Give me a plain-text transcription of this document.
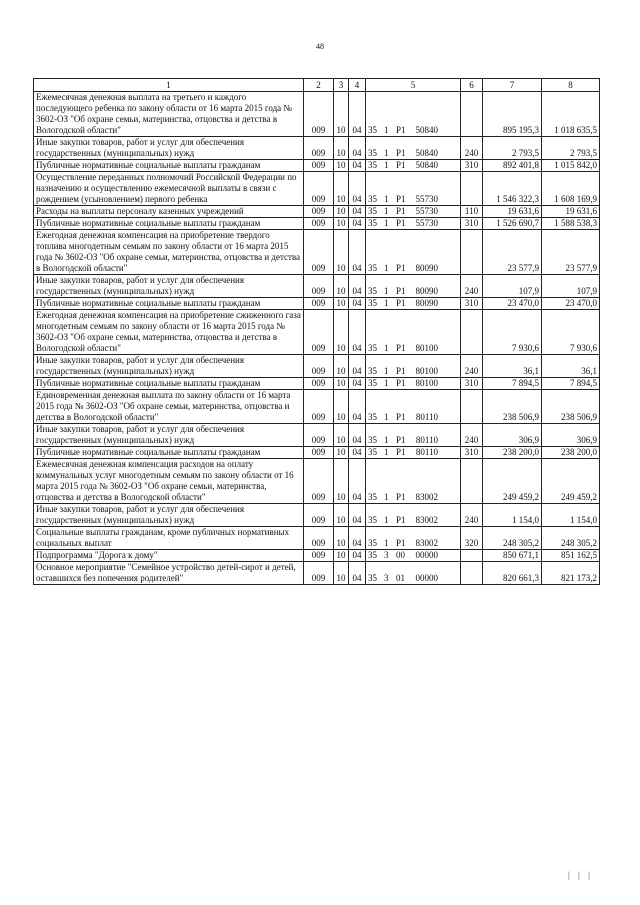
48
1	2	3	4	5	6	7	8
Ежемесячная денежная выплата на третьего и каждого последующего ребенка по закону области от 16 марта 2015 года № 3602-ОЗ "Об охране семьи, материнства, отцовства и детства в Вологодской области"	009	10	04	35 1 Р1 50840		895 195,3	1 018 635,5
Иные закупки товаров, работ и услуг для обеспечения государственных (муниципальных) нужд	009	10	04	35 1 Р1 50840	240	2 793,5	2 793,5
Публичные нормативные социальные выплаты гражданам	009	10	04	35 1 Р1 50840	310	892 401,8	1 015 842,0
Осуществление переданных полномочий Российской Федерации по назначению и осуществлению ежемесячной выплаты в связи с рождением (усыновлением) первого ребенка	009	10	04	35 1 Р1 55730		1 546 322,3	1 608 169,9
Расходы на выплаты персоналу казенных учреждений	009	10	04	35 1 Р1 55730	110	19 631,6	19 631,6
Публичные нормативные социальные выплаты гражданам	009	10	04	35 1 Р1 55730	310	1 526 690,7	1 588 538,3
Ежегодная денежная компенсация на приобретение твердого топлива многодетным семьям по закону области от 16 марта 2015 года № 3602-ОЗ "Об охране семьи, материнства, отцовства и детства в Вологодской области"	009	10	04	35 1 Р1 80090		23 577,9	23 577,9
Иные закупки товаров, работ и услуг для обеспечения государственных (муниципальных) нужд	009	10	04	35 1 Р1 80090	240	107,9	107,9
Публичные нормативные социальные выплаты гражданам	009	10	04	35 1 Р1 80090	310	23 470,0	23 470,0
Ежегодная денежная компенсация на приобретение сжиженного газа многодетным семьям по закону области от 16 марта 2015 года № 3602-ОЗ "Об охране семьи, материнства, отцовства и детства в Вологодской области"	009	10	04	35 1 Р1 80100		7 930,6	7 930,6
Иные закупки товаров, работ и услуг для обеспечения государственных (муниципальных) нужд	009	10	04	35 1 Р1 80100	240	36,1	36,1
Публичные нормативные социальные выплаты гражданам	009	10	04	35 1 Р1 80100	310	7 894,5	7 894,5
Единовременная денежная выплата по закону области от 16 марта 2015 года № 3602-ОЗ "Об охране семьи, материнства, отцовства и детства в Вологодской области"	009	10	04	35 1 Р1 80110		238 506,9	238 506,9
Иные закупки товаров, работ и услуг для обеспечения государственных (муниципальных) нужд	009	10	04	35 1 Р1 80110	240	306,9	306,9
Публичные нормативные социальные выплаты гражданам	009	10	04	35 1 Р1 80110	310	238 200,0	238 200,0
Ежемесячная денежная компенсация расходов на оплату коммунальных услуг многодетным семьям по закону области от 16 марта 2015 года № 3602-ОЗ "Об охране семьи, материнства, отцовства и детства в Вологодской области"	009	10	04	35 1 Р1 83002		249 459,2	249 459,2
Иные закупки товаров, работ и услуг для обеспечения государственных (муниципальных) нужд	009	10	04	35 1 Р1 83002	240	1 154,0	1 154,0
Социальные выплаты гражданам, кроме публичных нормативных социальных выплат	009	10	04	35 1 Р1 83002	320	248 305,2	248 305,2
Подпрограмма "Дорога к дому"	009	10	04	35 3 00 00000		850 671,1	851 162,5
Основное мероприятие "Семейное устройство детей-сирот и детей, оставшихся без попечения родителей"	009	10	04	35 3 01 00000		820 661,3	821 173,2
| | |
